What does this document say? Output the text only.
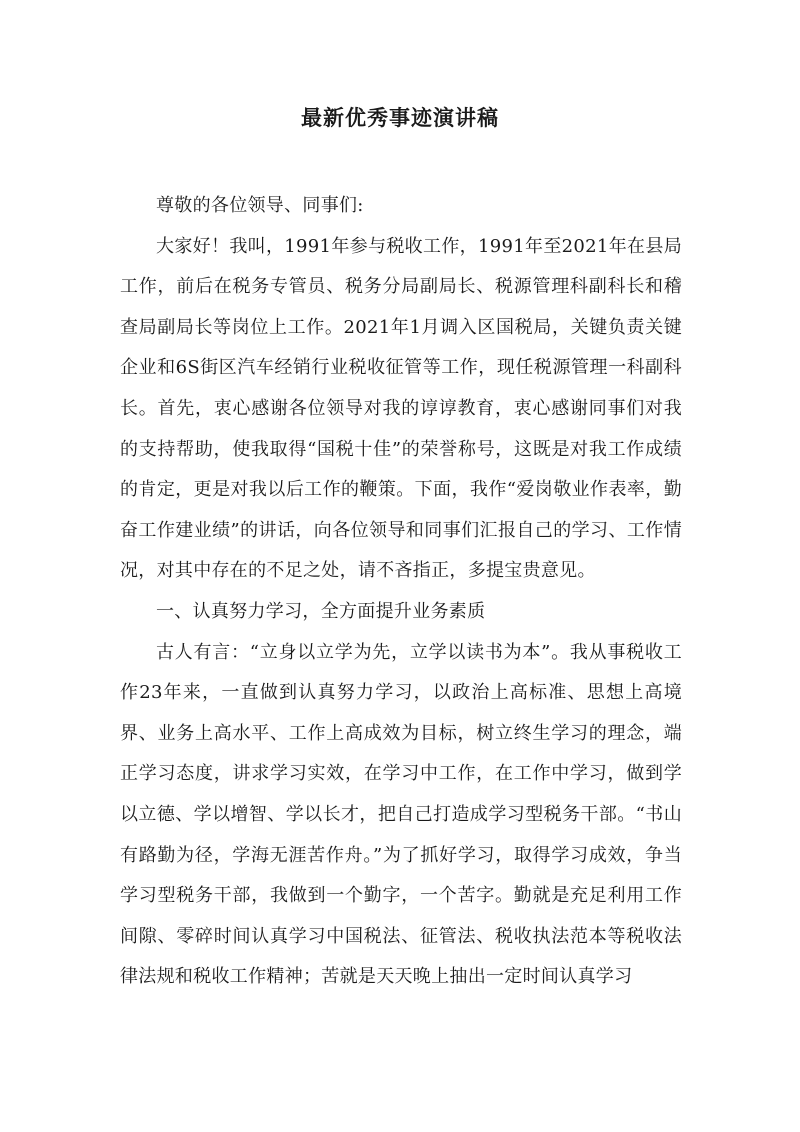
最新优秀事迹演讲稿

尊敬的各位领导、同事们:

大家好！我叫，1991年参与税收工作，1991年至2021年在县局工作，前后在税务专管员、税务分局副局长、税源管理科副科长和稽查局副局长等岗位上工作。2021年1月调入区国税局，关键负责关键企业和6S街区汽车经销行业税收征管等工作，现任税源管理一科副科长。首先，衷心感谢各位领导对我的谆谆教育，衷心感谢同事们对我的支持帮助，使我取得“国税十佳”的荣誉称号，这既是对我工作成绩的肯定，更是对我以后工作的鞭策。下面，我作“爱岗敬业作表率，勤奋工作建业绩”的讲话，向各位领导和同事们汇报自己的学习、工作情况，对其中存在的不足之处，请不吝指正，多提宝贵意见。

一、认真努力学习，全方面提升业务素质

古人有言：“立身以立学为先，立学以读书为本”。我从事税收工作23年来，一直做到认真努力学习，以政治上高标准、思想上高境界、业务上高水平、工作上高成效为目标，树立终生学习的理念，端正学习态度，讲求学习实效，在学习中工作，在工作中学习，做到学以立德、学以增智、学以长才，把自己打造成学习型税务干部。“书山有路勤为径，学海无涯苦作舟。”为了抓好学习，取得学习成效，争当学习型税务干部，我做到一个勤字，一个苦字。勤就是充足利用工作间隙、零碎时间认真学习中国税法、征管法、税收执法范本等税收法律法规和税收工作精神；苦就是天天晚上抽出一定时间认真学习
